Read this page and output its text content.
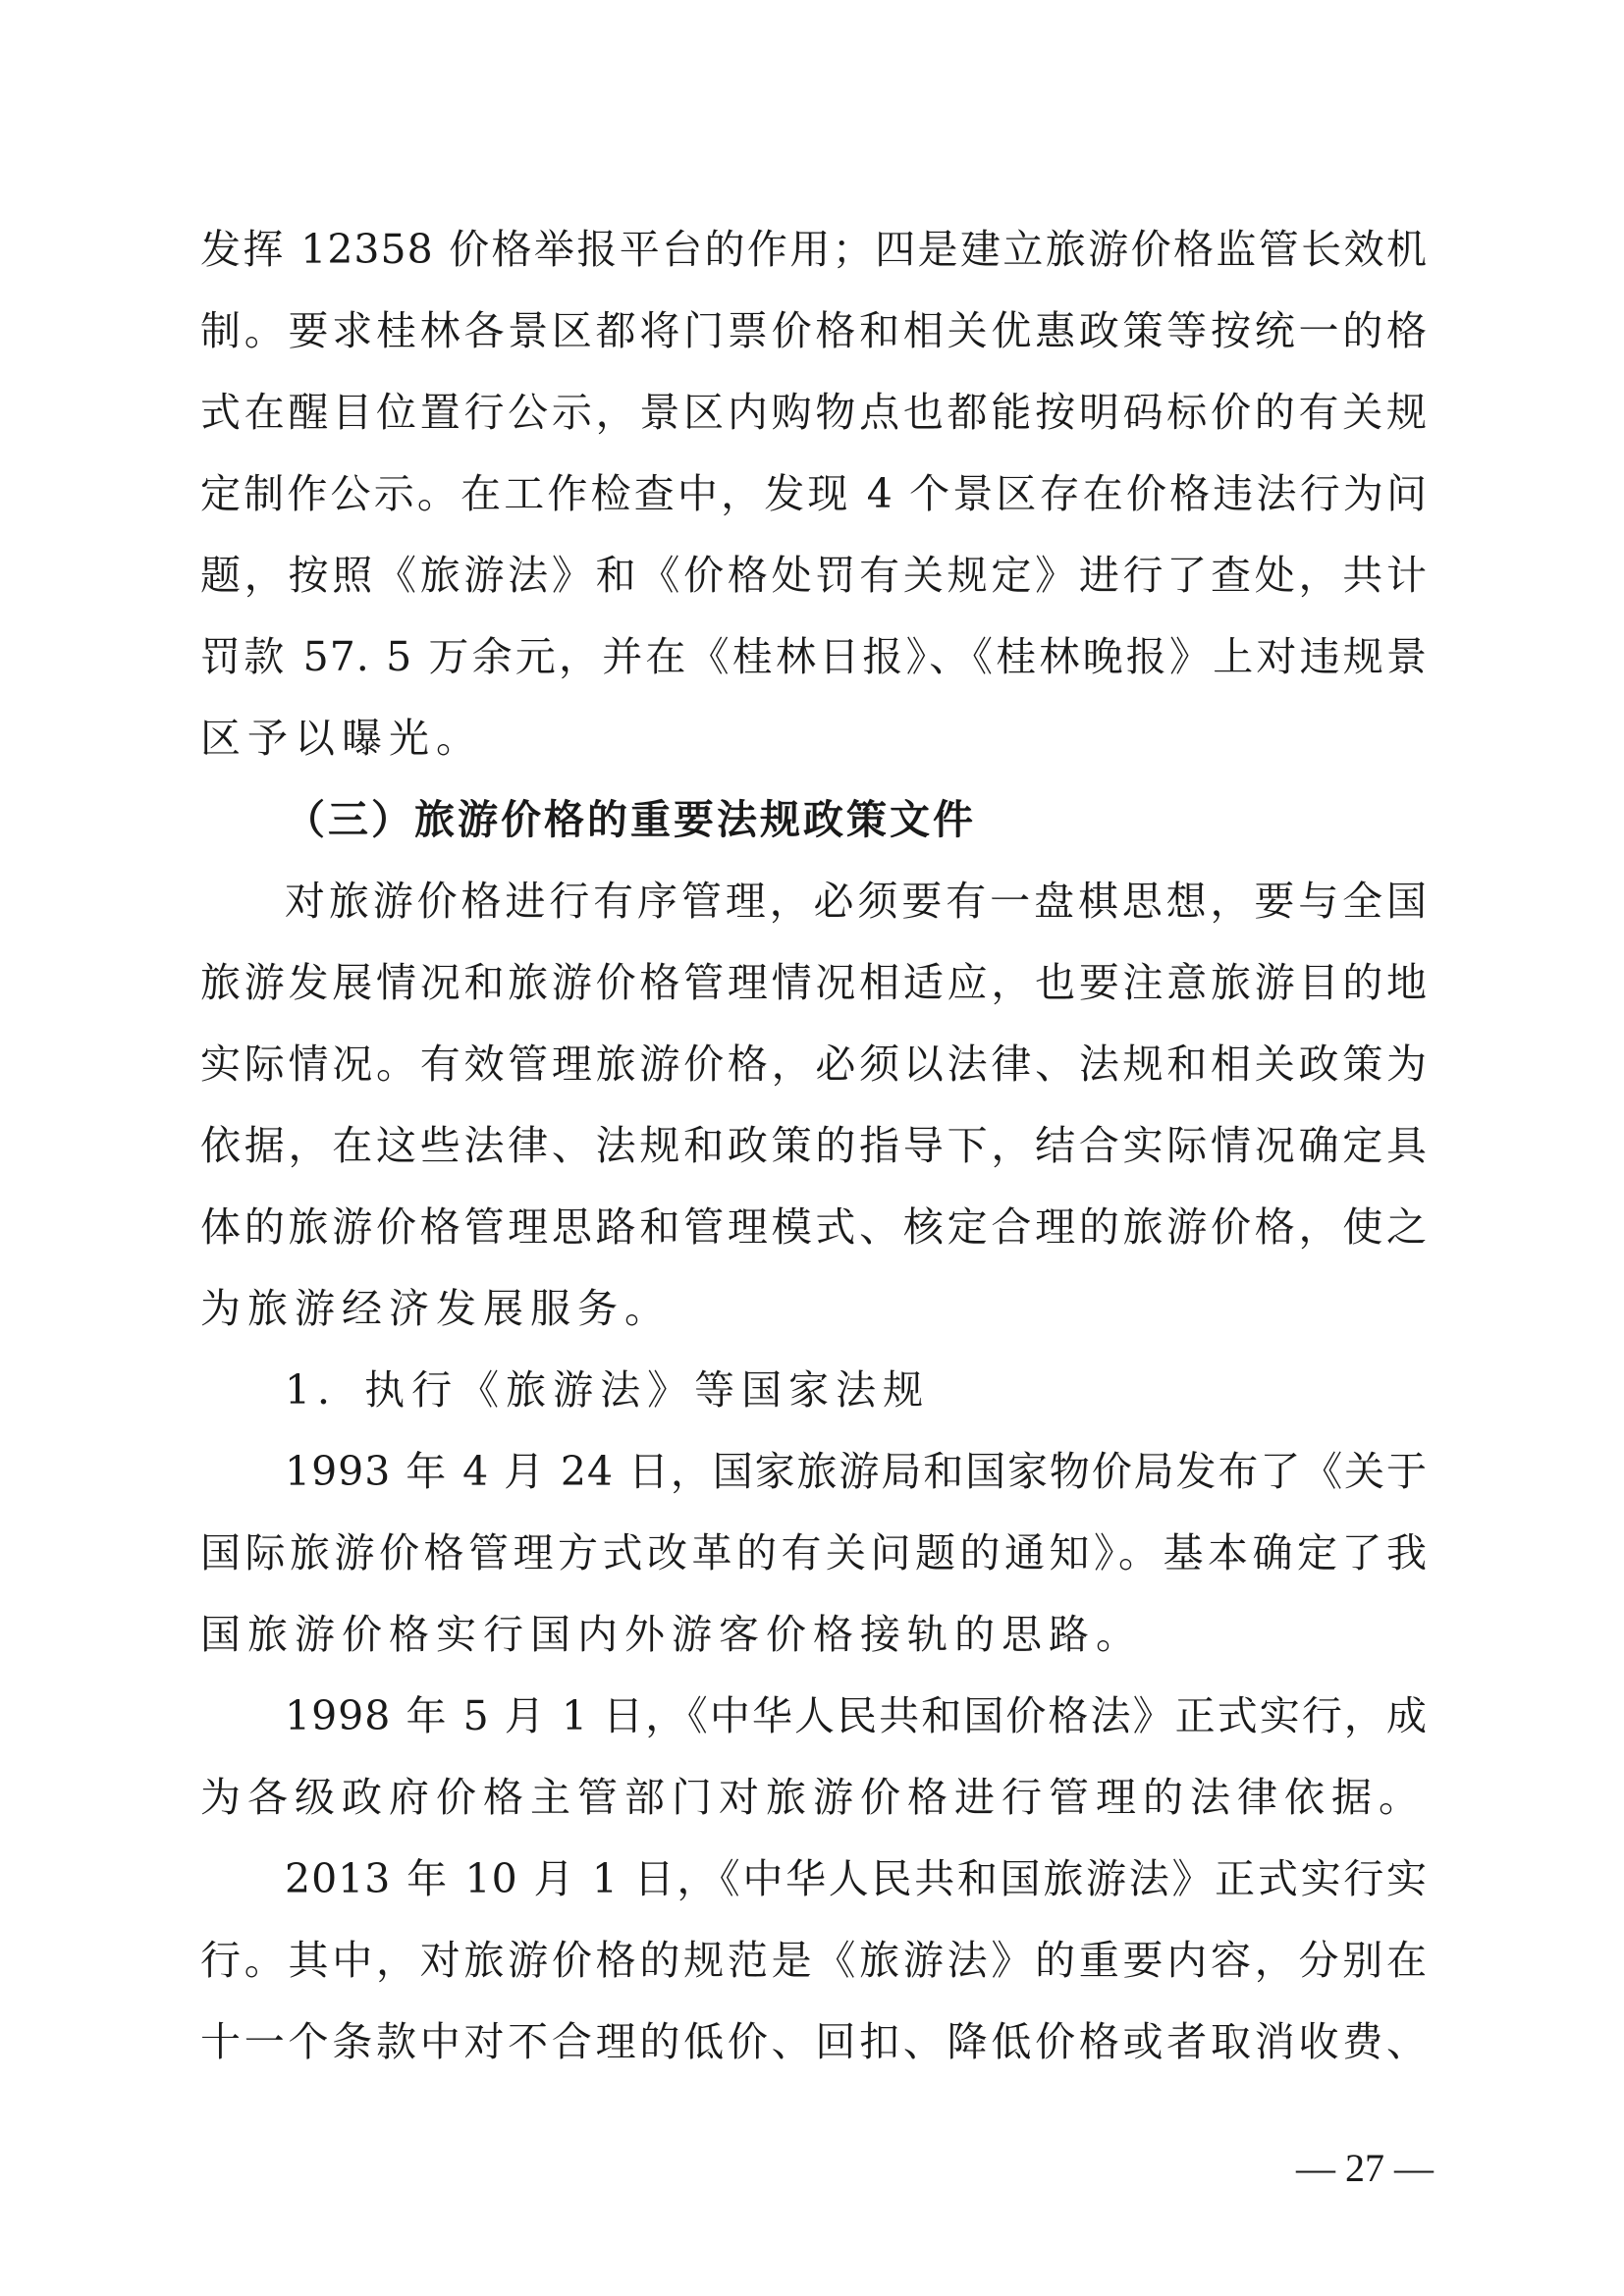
发挥 12358 价格举报平台的作用；四是建立旅游价格监管长效机
制。要求桂林各景区都将门票价格和相关优惠政策等按统一的格
式在醒目位置行公示，景区内购物点也都能按明码标价的有关规
定制作公示。在工作检查中，发现 4 个景区存在价格违法行为问
题，按照《旅游法》和《价格处罚有关规定》进行了查处，共计
罚款 57. 5 万余元，并在《桂林日报》、《桂林晚报》上对违规景
区予以曝光。
（三）旅游价格的重要法规政策文件
对旅游价格进行有序管理，必须要有一盘棋思想，要与全国
旅游发展情况和旅游价格管理情况相适应，也要注意旅游目的地
实际情况。有效管理旅游价格，必须以法律、法规和相关政策为
依据，在这些法律、法规和政策的指导下，结合实际情况确定具
体的旅游价格管理思路和管理模式、核定合理的旅游价格，使之
为旅游经济发展服务。
1．执行《旅游法》等国家法规
1993 年 4 月 24 日，国家旅游局和国家物价局发布了《关于
国际旅游价格管理方式改革的有关问题的通知》。基本确定了我
国旅游价格实行国内外游客价格接轨的思路。
1998 年 5 月 1 日，《中华人民共和国价格法》正式实行，成
为各级政府价格主管部门对旅游价格进行管理的法律依据。
2013 年 10 月 1 日，《中华人民共和国旅游法》正式实行实
行。其中，对旅游价格的规范是《旅游法》的重要内容，分别在
十一个条款中对不合理的低价、回扣、降低价格或者取消收费、
— 27 —
